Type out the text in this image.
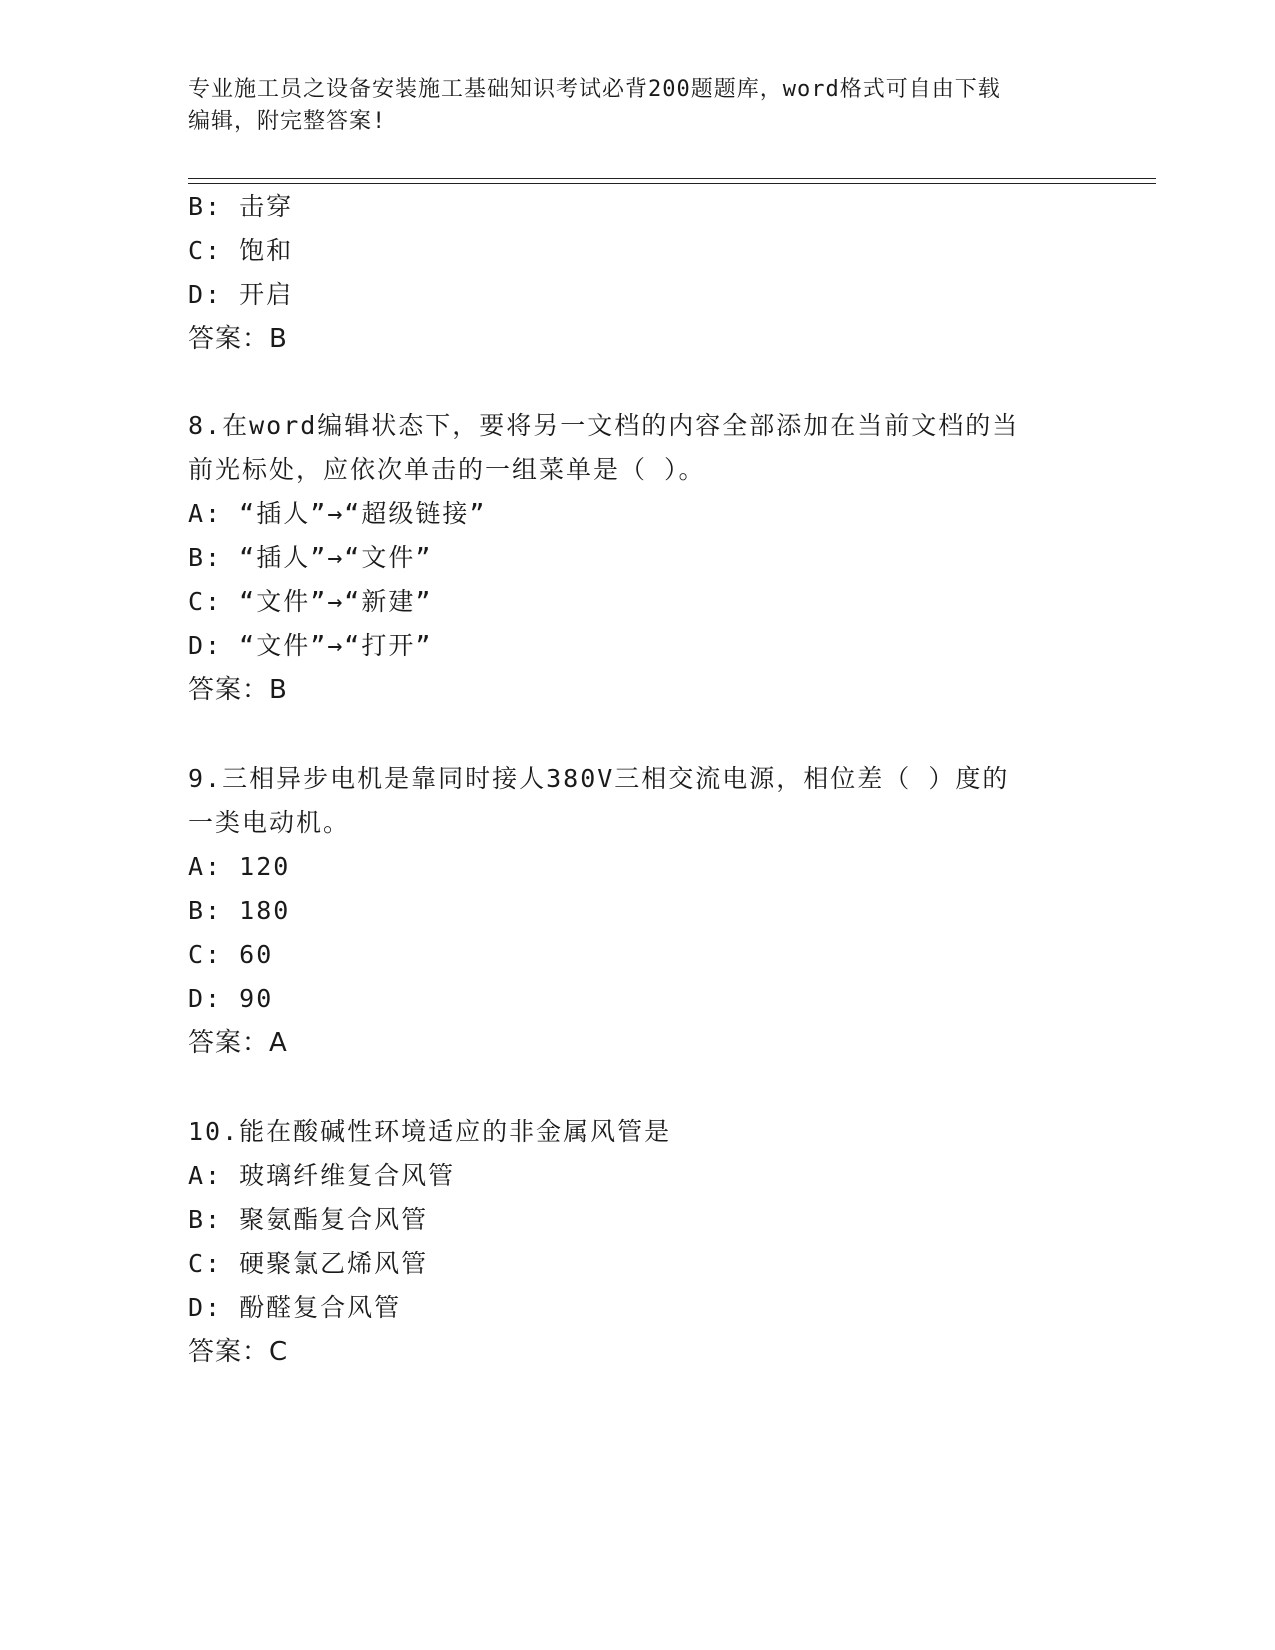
专业施工员之设备安装施工基础知识考试必背200题题库，word格式可自由下载
编辑，附完整答案!
B: 击穿
C: 饱和
D: 开启
答案：B
8.在word编辑状态下，要将另一文档的内容全部添加在当前文档的当
前光标处，应依次单击的一组菜单是（ ）。
A: “插人”→“超级链接”
B: “插人”→“文件”
C: “文件”→“新建”
D: “文件”→“打开”
答案：B
9.三相异步电机是靠同时接人380V三相交流电源，相位差（ ）度的
一类电动机。
A: 120
B: 180
C: 60
D: 90
答案：A
10.能在酸碱性环境适应的非金属风管是
A: 玻璃纤维复合风管
B: 聚氨酯复合风管
C: 硬聚氯乙烯风管
D: 酚醛复合风管
答案：C
